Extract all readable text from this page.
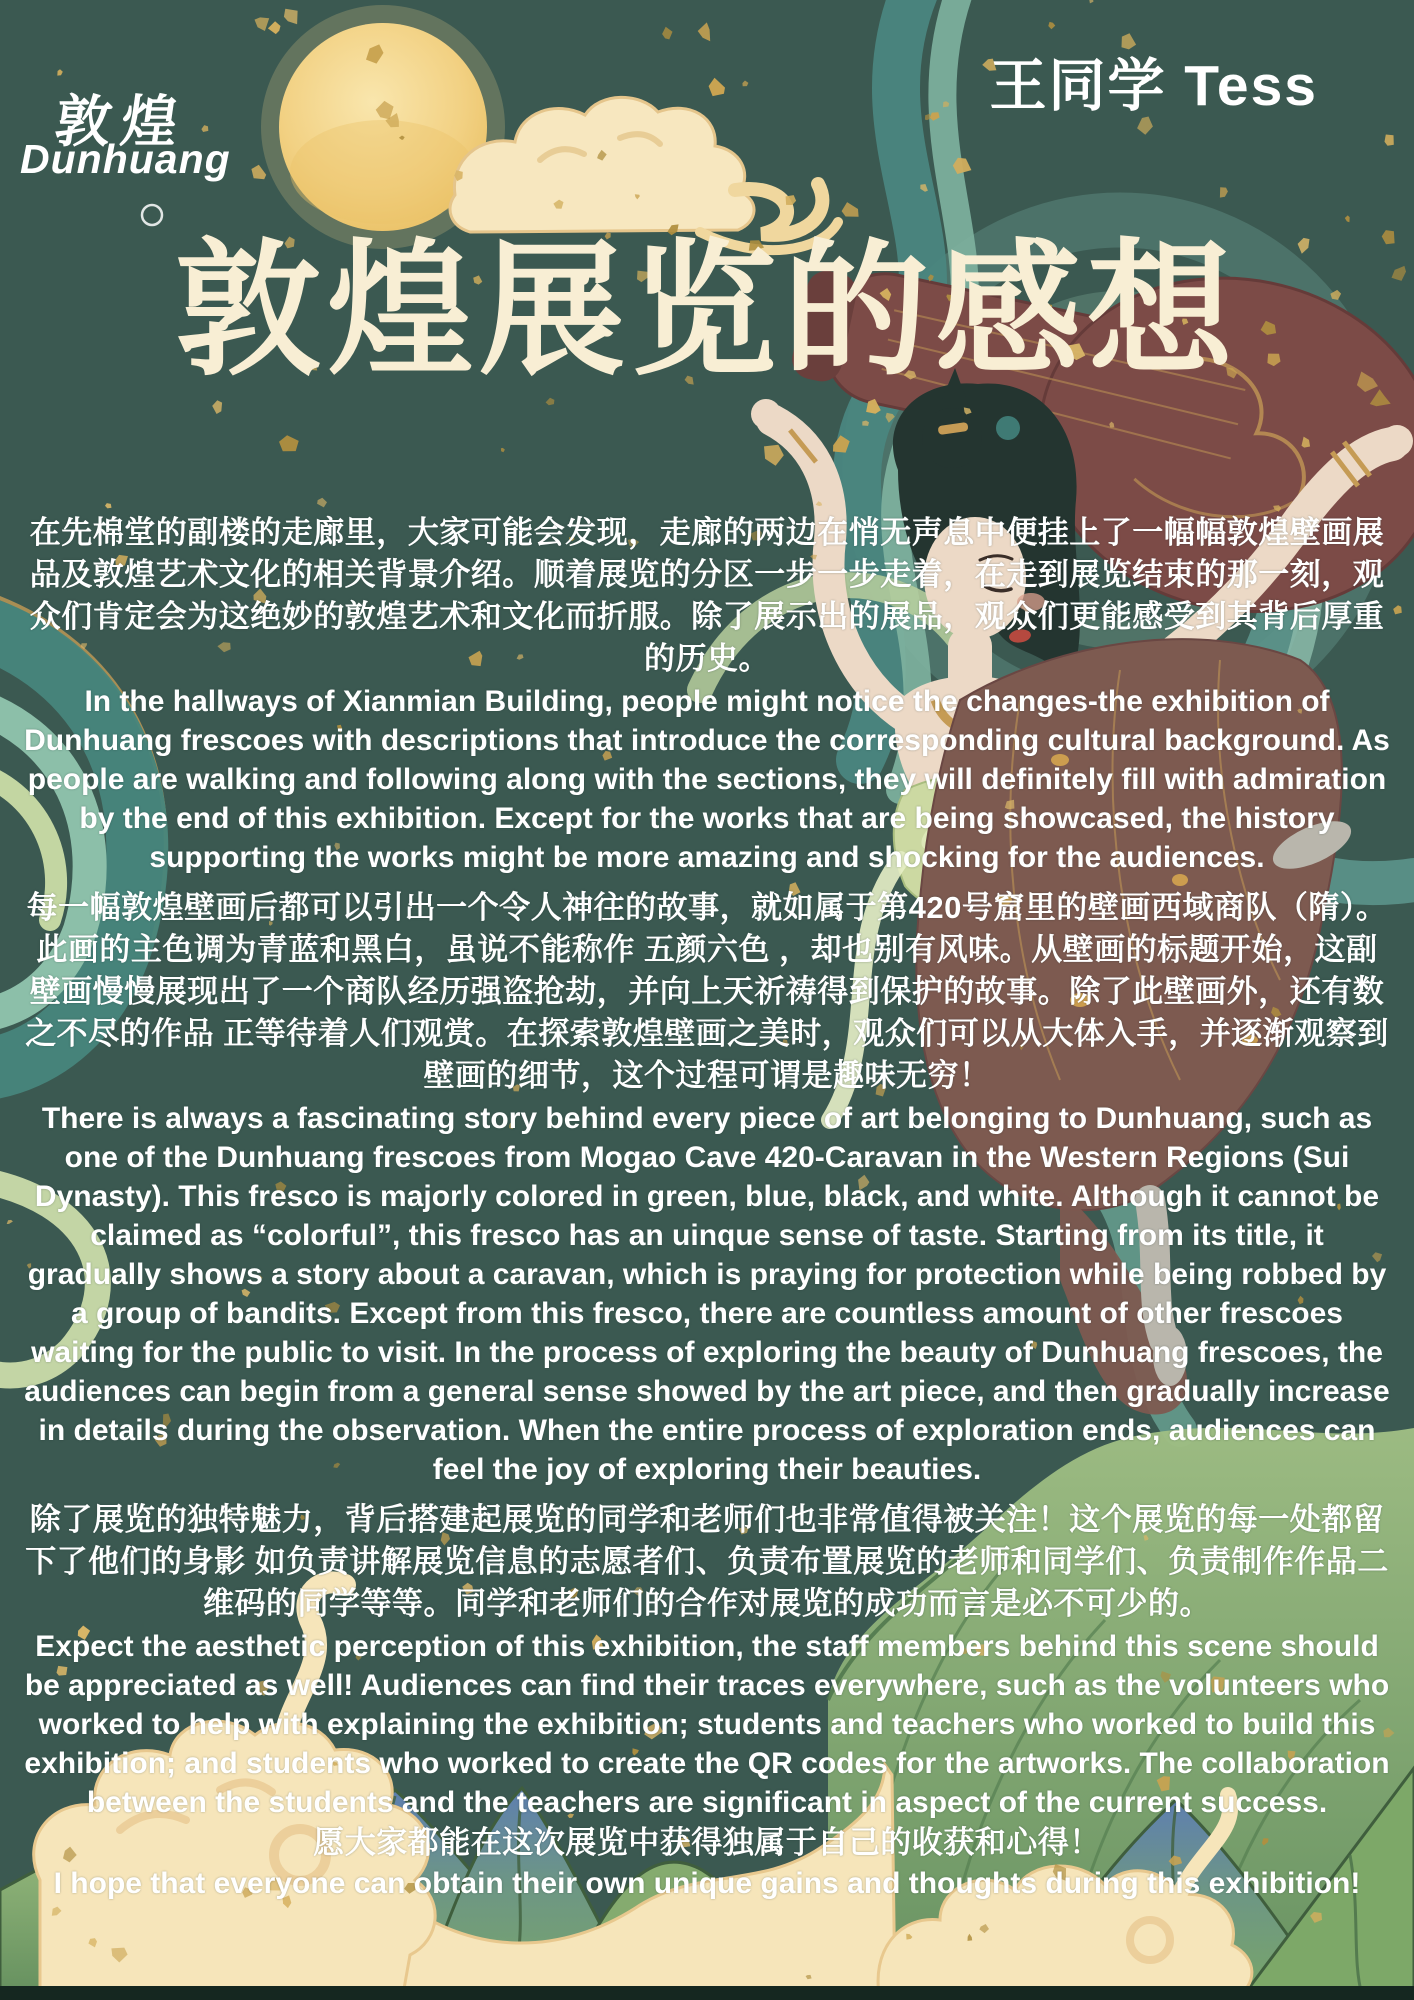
敦煌
Dunhuang
王同学 Tess
敦煌展览的感想

在先棉堂的副楼的走廊里，大家可能会发现，走廊的两边在悄无声息中便挂上了一幅幅敦煌壁画展品及敦煌艺术文化的相关背景介绍。顺着展览的分区一步一步走着，在走到展览结束的那一刻，观众们肯定会为这绝妙的敦煌艺术和文化而折服。除了展示出的展品，观众们更能感受到其背后厚重的历史。

In the hallways of Xianmian Building, people might notice the changes-the exhibition of Dunhuang frescoes with descriptions that introduce the corresponding cultural background. As people are walking and following along with the sections, they will definitely fill with admiration by the end of this exhibition. Except for the works that are being showcased, the history supporting the works might be more amazing and shocking for the audiences.

每一幅敦煌壁画后都可以引出一个令人神往的故事，就如属于第420号窟里的壁画西域商队（隋）。 此画的主色调为青蓝和黑白，虽说不能称作 五颜六色 ，却也别有风味。从壁画的标题开始，这副壁画慢慢展现出了一个商队经历强盗抢劫，并向上天祈祷得到保护的故事。除了此壁画外，还有数之不尽的作品 正等待着人们观赏。在探索敦煌壁画之美时，观众们可以从大体入手，并逐渐观察到壁画的细节，这个过程可谓是趣味无穷！

There is always a fascinating story behind every piece of art belonging to Dunhuang, such as one of the Dunhuang frescoes from Mogao Cave 420-Caravan in the Western Regions (Sui Dynasty). This fresco is majorly colored in green, blue, black, and white. Although it cannot be claimed as “colorful”, this fresco has an uinque sense of taste. Starting from its title, it gradually shows a story about a caravan, which is praying for protection while being robbed by a group of bandits. Except from this fresco, there are countless amount of other frescoes waiting for the public to visit. In the process of exploring the beauty of Dunhuang frescoes, the audiences can begin from a general sense showed by the art piece, and then gradually increase in details during the observation. When the entire process of exploration ends, audiences can feel the joy of exploring their beauties.

除了展览的独特魅力，背后搭建起展览的同学和老师们也非常值得被关注！这个展览的每一处都留下了他们的身影 如负责讲解展览信息的志愿者们、负责布置展览的老师和同学们、负责制作作品二维码的同学等等。同学和老师们的合作对展览的成功而言是必不可少的。

Expect the aesthetic perception of this exhibition, the staff members behind this scene should be appreciated as well! Audiences can find their traces everywhere, such as the volunteers who worked to help with explaining the exhibition; students and teachers who worked to build this exhibition; and students who worked to create the QR codes for the artworks. The collaboration between the students and the teachers are significant in aspect of the current success.

愿大家都能在这次展览中获得独属于自己的收获和心得！

I hope that everyone can obtain their own unique gains and thoughts during this exhibition!
